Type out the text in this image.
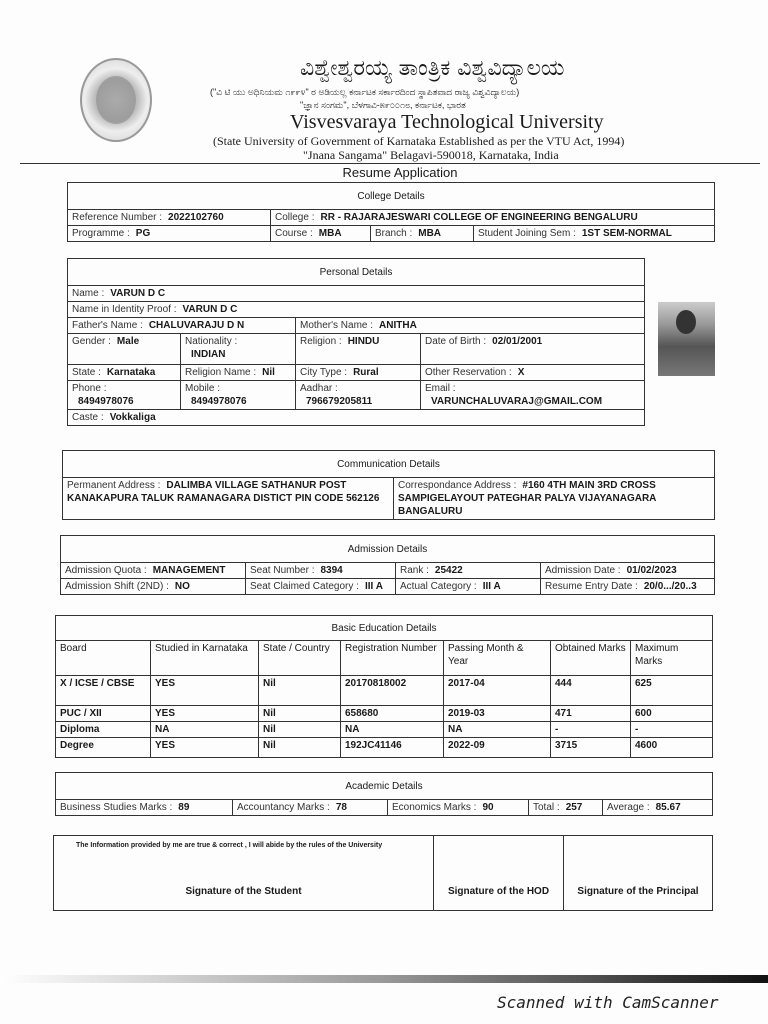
ವಿಶ್ವೇಶ್ವರಯ್ಯ ತಾಂತ್ರಿಕ ವಿಶ್ವವಿದ್ಯಾಲಯ
("ವಿ ಟಿ ಯು ಅಧಿನಿಯಮ ೧೯೯೪" ರ ಅಡಿಯಲ್ಲ ಕರ್ನಾಟಕ ಸರ್ಕಾರದಿಂದ ಸ್ಥಾಪಿತವಾದ ರಾಜ್ಯ ವಿಶ್ವವಿದ್ಯಾಲಯ)
"ಜ್ಞಾನ ಸಂಗಮ", ಬೆಳಗಾವಿ-೫೯೦೦೧೮, ಕರ್ನಾಟಕ, ಭಾರತ
Visvesvaraya Technological University
(State University of Government of Karnataka Established as per the VTU Act, 1994)
"Jnana Sangama" Belagavi-590018, Karnataka, India
Resume Application
College Details			
Reference Number : 2022102760	College : RR - RAJARAJESWARI COLLEGE OF ENGINEERING BENGALURU		
Programme : PG	Course : MBA	Branch : MBA	Student Joining Sem : 1ST SEM-NORMAL
Personal Details			
Name : VARUN D C			
Name in Identity Proof : VARUN D C			
Father's Name : CHALUVARAJU D N		Mother's Name : ANITHA	
Gender : Male	Nationality :
INDIAN	Religion : HINDU	Date of Birth : 02/01/2001
State : Karnataka	Religion Name : Nil	City Type : Rural	Other Reservation : X
Phone :
8494978076	Mobile :
8494978076	Aadhar :
796679205811	Email :
VARUNCHALUVARAJ@GMAIL.COM

Caste : Vokkaliga			
Communication Details
Permanent Address : DALIMBA VILLAGE SATHANUR POST KANAKAPURA TALUK RAMANAGARA DISTICT PIN CODE 562126	Correspondance Address : #160 4TH MAIN 3RD CROSS SAMPIGELAYOUT PATEGHAR PALYA VIJAYANAGARA BANGALURU
Admission Details			
Admission Quota : MANAGEMENT	Seat Number : 8394	Rank : 25422	Admission Date : 01/02/2023
Admission Shift (2ND) : NO	Seat Claimed Category : III A	Actual Category : III A	Resume Entry Date : 20/0.../20..3
Basic Education Details						
Board	Studied in Karnataka	State / Country	Registration Number	Passing Month & Year	Obtained Marks	Maximum Marks
X / ICSE / CBSE	YES	Nil	20170818002	2017-04	444	625
PUC / XII	YES	Nil	658680	2019-03	471	600
Diploma	NA	Nil	NA	NA	-	-
Degree	YES	Nil	192JC41146	2022-09	3715	4600
Academic Details
Business Studies Marks : 89	Accountancy Marks : 78	Economics Marks : 90	Total : 257	Average : 85.67
The Information provided by me are true & correct , I will abide by the rules of the University
Signature of the Student	Signature of the HOD	Signature of the Principal
Scanned with CamScanner
